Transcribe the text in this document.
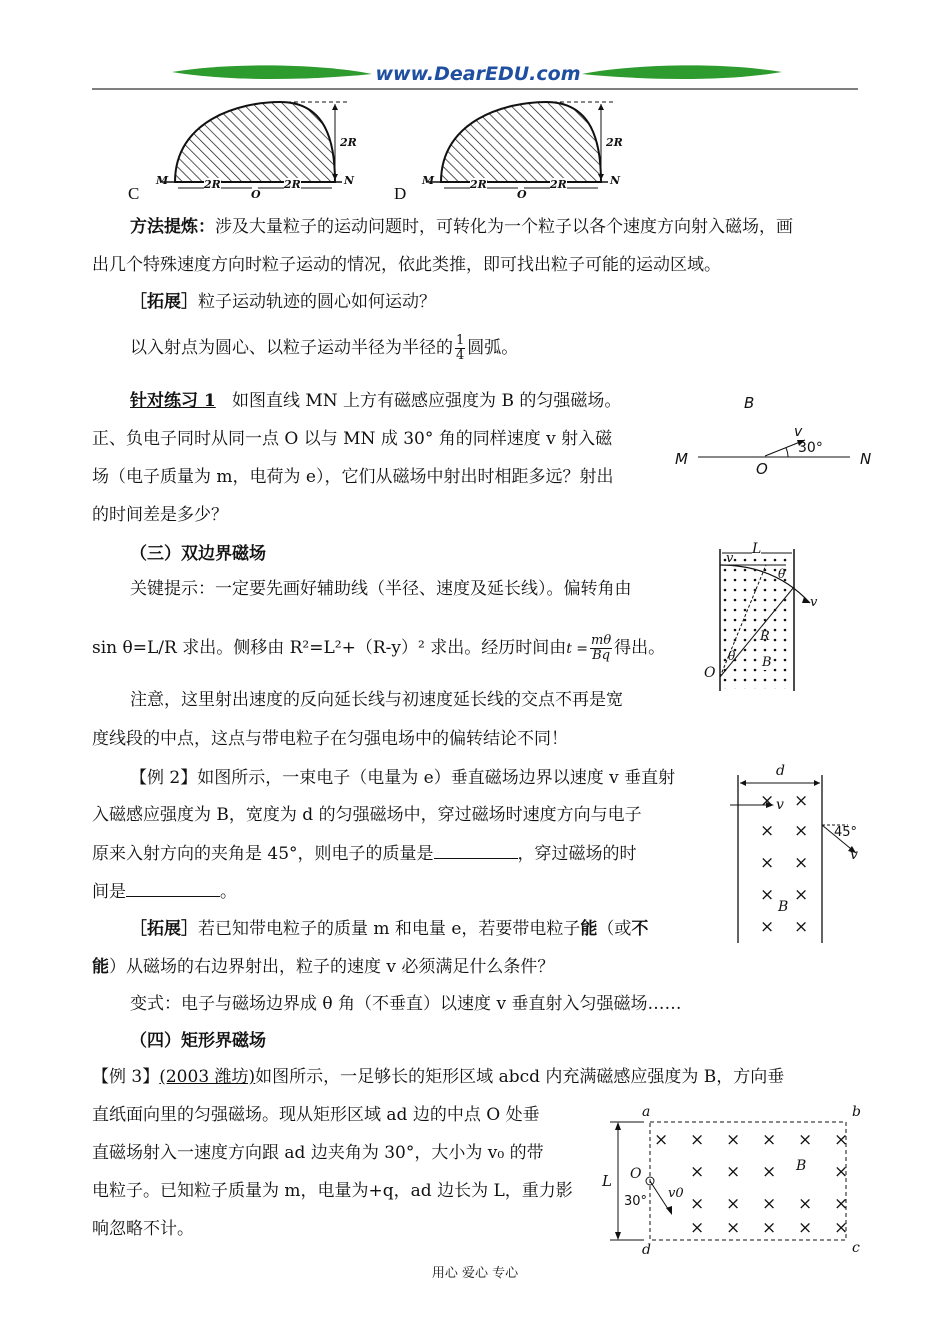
www.DearEDU.com
C
M	N
O
2R	2R
2R
D
M	N
O
2R	2R
2R
方法提炼：涉及大量粒子的运动问题时，可转化为一个粒子以各个速度方向射入磁场，画
出几个特殊速度方向时粒子运动的情况，依此类推，即可找出粒子可能的运动区域。
［拓展］粒子运动轨迹的圆心如何运动？
以入射点为圆心、以粒子运动半径为半径的 $\frac{1}{4}$ 圆弧。
针对练习 1 如图直线 MN 上方有磁感应强度为 B 的匀强磁场。
正、负电子同时从同一点 O 以与 MN 成 30° 角的同样速度 v 射入磁
场（电子质量为 m，电荷为 e），它们从磁场中射出时相距多远？射出
的时间差是多少？
B
M	N
O
v
30°
（三）双边界磁场
关键提示：一定要先画好辅助线（半径、速度及延长线）。偏转角由
sin θ=L/R 求出。侧移由 R²=L²+（R-y）² 求出。经历时间由$t = \frac{m\theta}{Bq}$ 得出。
注意，这里射出速度的反向延长线与初速度延长线的交点不再是宽
度线段的中点，这点与带电粒子在匀强电场中的偏转结论不同！
L
v
θ
v
R
θ B
O
【例 2】如图所示，一束电子（电量为 e）垂直磁场边界以速度 v 垂直射
入磁感应强度为 B，宽度为 d 的匀强磁场中，穿过磁场时速度方向与电子
原来入射方向的夹角是 45°，则电子的质量是	，穿过磁场的时
间是	。
d
v
45°
v
B
× ×
× ×
× ×
× ×
× ×
［拓展］若已知带电粒子的质量 m 和电量 e，若要带电粒子能（或不
能）从磁场的右边界射出，粒子的速度 v 必须满足什么条件？
变式：电子与磁场边界成 θ 角（不垂直）以速度 v 垂直射入匀强磁场……
（四）矩形界磁场
【例 3】(2003 潍坊)如图所示，一足够长的矩形区域 abcd 内充满磁感应强度为 B，方向垂
直纸面向里的匀强磁场。现从矩形区域 ad 边的中点 O 处垂
直磁场射入一速度方向跟 ad 边夹角为 30°，大小为 v₀ 的带
电粒子。已知粒子质量为 m，电量为+q，ad 边长为 L，重力影
响忽略不计。
a	b
c
d
L O
30°
v0
B
× × × × × ×
× × ×	×
× × × × ×
× × × × ×
用心 爱心 专心
